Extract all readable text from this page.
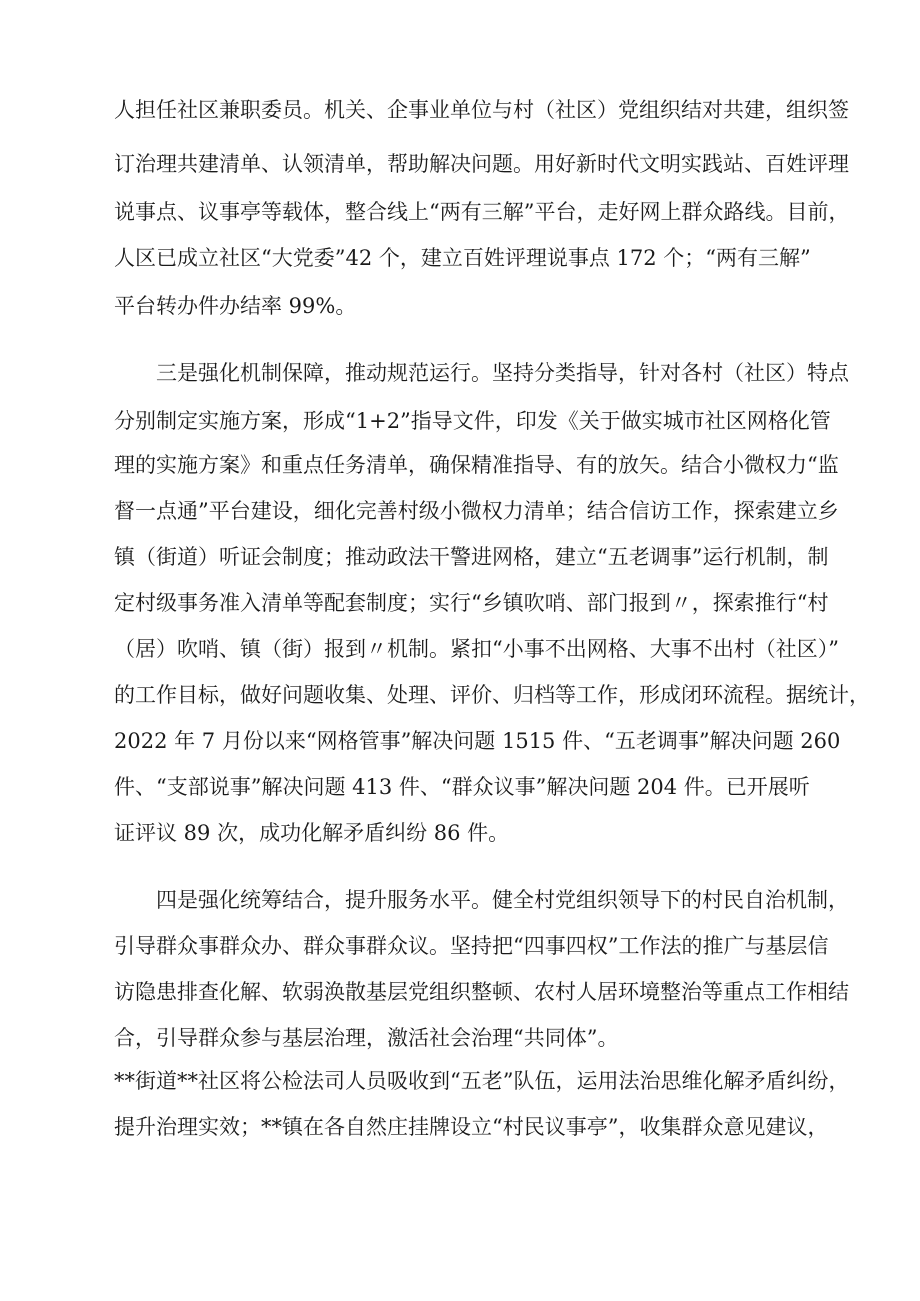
人担任社区兼职委员。机关、企事业单位与村（社区）党组织结对共建，组织签
订治理共建清单、认领清单，帮助解决问题。用好新时代文明实践站、百姓评理
说事点、议事亭等载体，整合线上“两有三解”平台，走好网上群众路线。目前，
人区已成立社区“大党委”42 个，建立百姓评理说事点 172 个；“两有三解”
平台转办件办结率 99%。
三是强化机制保障，推动规范运行。坚持分类指导，针对各村（社区）特点
分别制定实施方案，形成“1+2”指导文件，印发《关于做实城市社区网格化管
理的实施方案》和重点任务清单，确保精准指导、有的放矢。结合小微权力“监
督一点通”平台建设，细化完善村级小微权力清单；结合信访工作，探索建立乡
镇（街道）听证会制度；推动政法干警进网格，建立“五老调事”运行机制，制
定村级事务准入清单等配套制度；实行“乡镇吹哨、部门报到〃，探索推行“村
（居）吹哨、镇（街）报到〃机制。紧扣“小事不出网格、大事不出村（社区）”
的工作目标，做好问题收集、处理、评价、归档等工作，形成闭环流程。据统计，
2022 年 7 月份以来“网格管事”解决问题 1515 件、“五老调事”解决问题 260
件、“支部说事”解决问题 413 件、“群众议事”解决问题 204 件。已开展听
证评议 89 次，成功化解矛盾纠纷 86 件。
四是强化统筹结合，提升服务水平。健全村党组织领导下的村民自治机制，
引导群众事群众办、群众事群众议。坚持把“四事四权”工作法的推广与基层信
访隐患排查化解、软弱涣散基层党组织整顿、农村人居环境整治等重点工作相结
合，引导群众参与基层治理，激活社会治理“共同体”。
**街道**社区将公检法司人员吸收到“五老”队伍，运用法治思维化解矛盾纠纷，
提升治理实效；**镇在各自然庄挂牌设立“村民议事亭”，收集群众意见建议，
